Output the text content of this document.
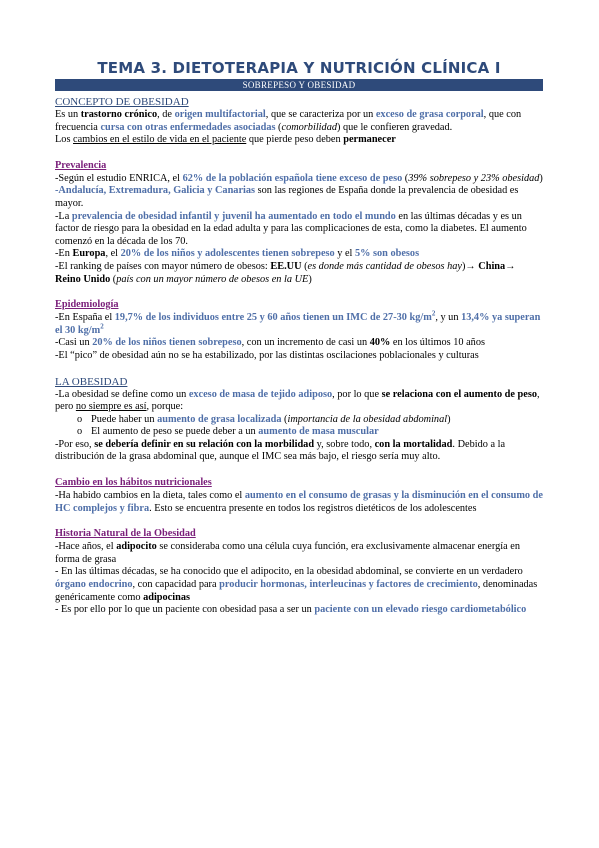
TEMA 3. DIETOTERAPIA Y NUTRICIÓN CLÍNICA I
SOBREPESO Y OBESIDAD
CONCEPTO DE OBESIDAD

Es un trastorno crónico, de origen multifactorial, que se caracteriza por un exceso de grasa corporal, que con frecuencia cursa con otras enfermedades asociadas (comorbilidad) que le confieren gravedad.

Los cambios en el estilo de vida en el paciente que pierde peso deben permanecer

Prevalencia

-Según el estudio ENRICA, el 62% de la población española tiene exceso de peso (39% sobrepeso y 23% obesidad)

-Andalucía, Extremadura, Galicia y Canarias son las regiones de España donde la prevalencia de obesidad es mayor.

-La prevalencia de obesidad infantil y juvenil ha aumentado en todo el mundo en las últimas décadas y es un factor de riesgo para la obesidad en la edad adulta y para las complicaciones de esta, como la diabetes. El aumento comenzó en la década de los 70.

-En Europa, el 20% de los niños y adolescentes tienen sobrepeso y el 5% son obesos

-El ranking de países con mayor número de obesos: EE.UU (es donde más cantidad de obesos hay)→ China→ Reino Unido (país con un mayor número de obesos en la UE)

Epidemiología

-En España el 19,7% de los individuos entre 25 y 60 años tienen un IMC de 27-30 $kg/m^2$, y un 13,4% ya superan el 30 $kg/m^2$

-Casi un 20% de los niños tienen sobrepeso, con un incremento de casi un 40% en los últimos 10 años

-El “pico” de obesidad aún no se ha estabilizado, por las distintas oscilaciones poblacionales y culturas

LA OBESIDAD

-La obesidad se define como un exceso de masa de tejido adiposo, por lo que se relaciona con el aumento de peso, pero no siempre es así, porque:

o Puede haber un aumento de grasa localizada (importancia de la obesidad abdominal)
o El aumento de peso se puede deber a un aumento de masa muscular

-Por eso, se debería definir en su relación con la morbilidad y, sobre todo, con la mortalidad. Debido a la distribución de la grasa abdominal que, aunque el IMC sea más bajo, el riesgo sería muy alto.

Cambio en los hábitos nutricionales

-Ha habido cambios en la dieta, tales como el aumento en el consumo de grasas y la disminución en el consumo de HC complejos y fibra. Esto se encuentra presente en todos los registros dietéticos de los adolescentes

Historia Natural de la Obesidad

-Hace años, el adipocito se consideraba como una célula cuya función, era exclusivamente almacenar energía en forma de grasa

- En las últimas décadas, se ha conocido que el adipocito, en la obesidad abdominal, se convierte en un verdadero órgano endocrino, con capacidad para producir hormonas, interleucinas y factores de crecimiento, denominadas genéricamente como adipocinas

- Es por ello por lo que un paciente con obesidad pasa a ser un paciente con un elevado riesgo cardiometabólico
